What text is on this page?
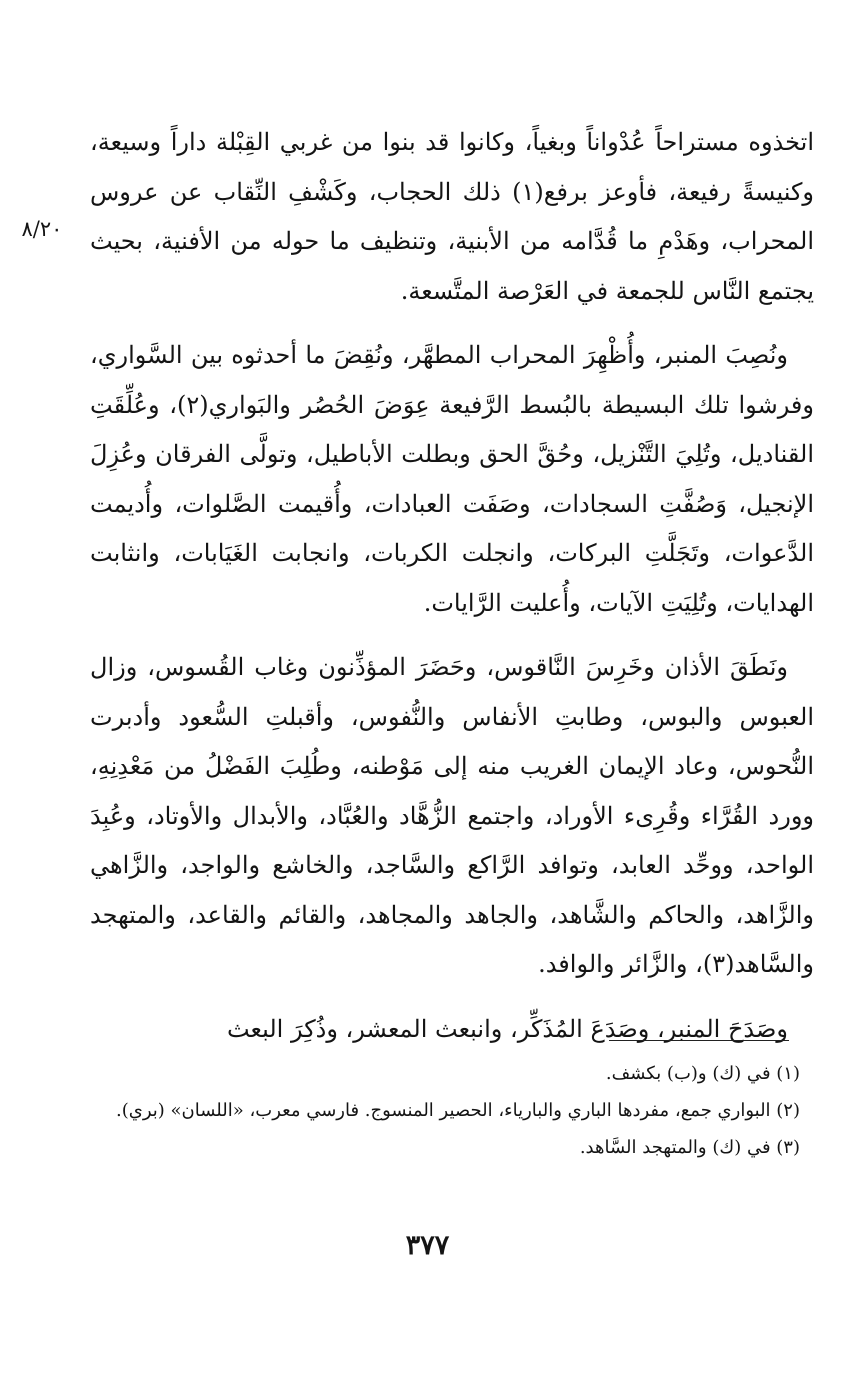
٨/٢٠

اتخذوه مستراحاً عُدْواناً وبغياً، وكانوا قد بنوا من غربي القِبْلة داراً وسيعة، وكنيسةً رفيعة، فأوعز برفع(١) ذلك الحجاب، وكَشْفِ النِّقاب عن عروس المحراب، وهَدْمِ ما قُدَّامه من الأبنية، وتنظيف ما حوله من الأفنية، بحيث يجتمع النَّاس للجمعة في العَرْصة المتَّسعة.

ونُصِبَ المنبر، وأُظْهِرَ المحراب المطهَّر، ونُقِضَ ما أحدثوه بين السَّواري، وفرشوا تلك البسيطة بالبُسط الرَّفيعة عِوَضَ الحُصُر والبَواري(٢)، وعُلِّقَتِ القناديل، وتُلِيَ التَّنْزيل، وحُقَّ الحق وبطلت الأباطيل، وتولَّى الفرقان وعُزِلَ الإنجيل، وَصُفَّتِ السجادات، وصَفَت العبادات، وأُقيمت الصَّلوات، وأُديمت الدَّعوات، وتَجَلَّتِ البركات، وانجلت الكربات، وانجابت الغَيَابات، وانثابت الهدايات، وتُلِيَتِ الآيات، وأُعليت الرَّايات.

ونَطَقَ الأذان وخَرِسَ النَّاقوس، وحَضَرَ المؤذِّنون وغاب القُسوس، وزال العبوس والبوس، وطابتِ الأنفاس والنُّفوس، وأقبلتِ السُّعود وأدبرت النُّحوس، وعاد الإيمان الغريب منه إلى مَوْطنه، وطُلِبَ الفَضْلُ من مَعْدِنِهِ، وورد القُرَّاء وقُرِىء الأوراد، واجتمع الزُّهَّاد والعُبَّاد، والأبدال والأوتاد، وعُبِدَ الواحد، ووحِّد العابد، وتوافد الرَّاكع والسَّاجد، والخاشع والواجد، والزَّاهي والزَّاهد، والحاكم والشَّاهد، والجاهد والمجاهد، والقائم والقاعد، والمتهجد والسَّاهد(٣)، والزَّائر والوافد.

وصَدَحَ المنبر، وصَدَعَ المُذَكِّر، وانبعث المعشر، وذُكِرَ البعث

(١) في (ك) و(ب) بكشف.

(٢) البواري جمع، مفردها الباري والبارياء، الحصير المنسوج. فارسي معرب، «اللسان» (بري).

(٣) في (ك) والمتهجد السَّاهد.

٣٧٧
